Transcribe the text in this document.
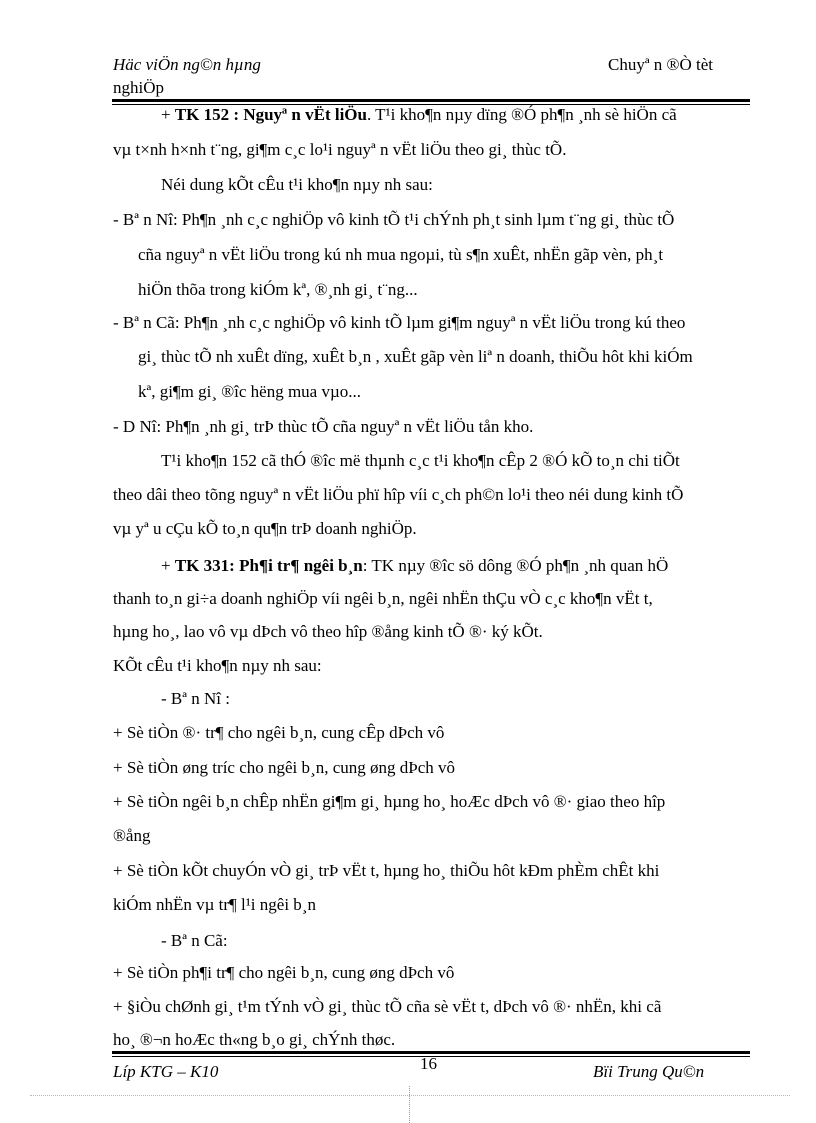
Häc viÖn ng©n hµng
nghiÖp
Chuyª n ®Ò tèt
+ TK 152 : Nguyª n vËt liÖu. T¹i kho¶n nµy dïng ®Ó ph¶n ¸nh sè hiÖn cã
vµ t×nh h×nh t¨ng, gi¶m c¸c lo¹i nguyª n vËt liÖu theo gi¸ thùc tÕ.
Néi dung kÕt cÊu t¹i kho¶n nµy nh sau:
- Bª n Nî: Ph¶n ¸nh c¸c nghiÖp vô kinh tÕ t¹i chÝnh ph¸t sinh lµm t¨ng gi¸ thùc tÕ
cña nguyª n vËt liÖu trong kú nh mua ngoµi, tù s¶n xuÊt, nhËn gãp vèn, ph¸t
hiÖn thõa trong kiÓm kª, ®¸nh gi¸ t¨ng...
- Bª n Cã: Ph¶n ¸nh c¸c nghiÖp vô kinh tÕ lµm gi¶m nguyª n vËt liÖu trong kú theo
gi¸ thùc tÕ nh xuÊt dïng, xuÊt b¸n , xuÊt gãp vèn liª n doanh, thiÕu hôt khi kiÓm
kª, gi¶m gi¸ ®îc hëng mua vµo...
- D Nî: Ph¶n ¸nh gi¸ trÞ thùc tÕ cña nguyª n vËt liÖu tån kho.
T¹i kho¶n 152 cã thÓ ®îc më thµnh c¸c t¹i kho¶n cÊp 2 ®Ó kÕ to¸n chi tiÕt
theo dâi theo tõng nguyª n vËt liÖu phï hîp víi c¸ch ph©n lo¹i theo néi dung kinh tÕ
vµ yª u cÇu kÕ to¸n qu¶n trÞ doanh nghiÖp.
+ TK 331: Ph¶i tr¶ ngêi b¸n: TK nµy ®îc sö dông ®Ó ph¶n ¸nh quan hÖ
thanh to¸n gi÷a doanh nghiÖp víi ngêi b¸n, ngêi nhËn thÇu vÒ c¸c kho¶n vËt t,
hµng ho¸, lao vô vµ dÞch vô theo hîp ®ång kinh tÕ ®· ký kÕt.
KÕt cÊu t¹i kho¶n nµy nh sau:
- Bª n Nî :
+ Sè tiÒn ®· tr¶ cho ngêi b¸n, cung cÊp dÞch vô
+ Sè tiÒn øng tríc cho ngêi b¸n, cung øng dÞch vô
+ Sè tiÒn ngêi b¸n chÊp nhËn gi¶m gi¸ hµng ho¸ hoÆc dÞch vô ®· giao theo hîp
®ång
+ Sè tiÒn kÕt chuyÓn vÒ gi¸ trÞ vËt t, hµng ho¸ thiÕu hôt kÐm phÈm chÊt khi
kiÓm nhËn vµ tr¶ l¹i ngêi b¸n
- Bª n Cã:
+ Sè tiÒn ph¶i tr¶ cho ngêi b¸n, cung øng dÞch vô
+ §iÒu chØnh gi¸ t¹m tÝnh vÒ gi¸ thùc tÕ cña sè vËt t, dÞch vô ®· nhËn, khi cã
ho¸ ®¬n hoÆc th«ng b¸o gi¸ chÝnh thøc.
Líp KTG – K10	16	Bïi Trung Qu©n
